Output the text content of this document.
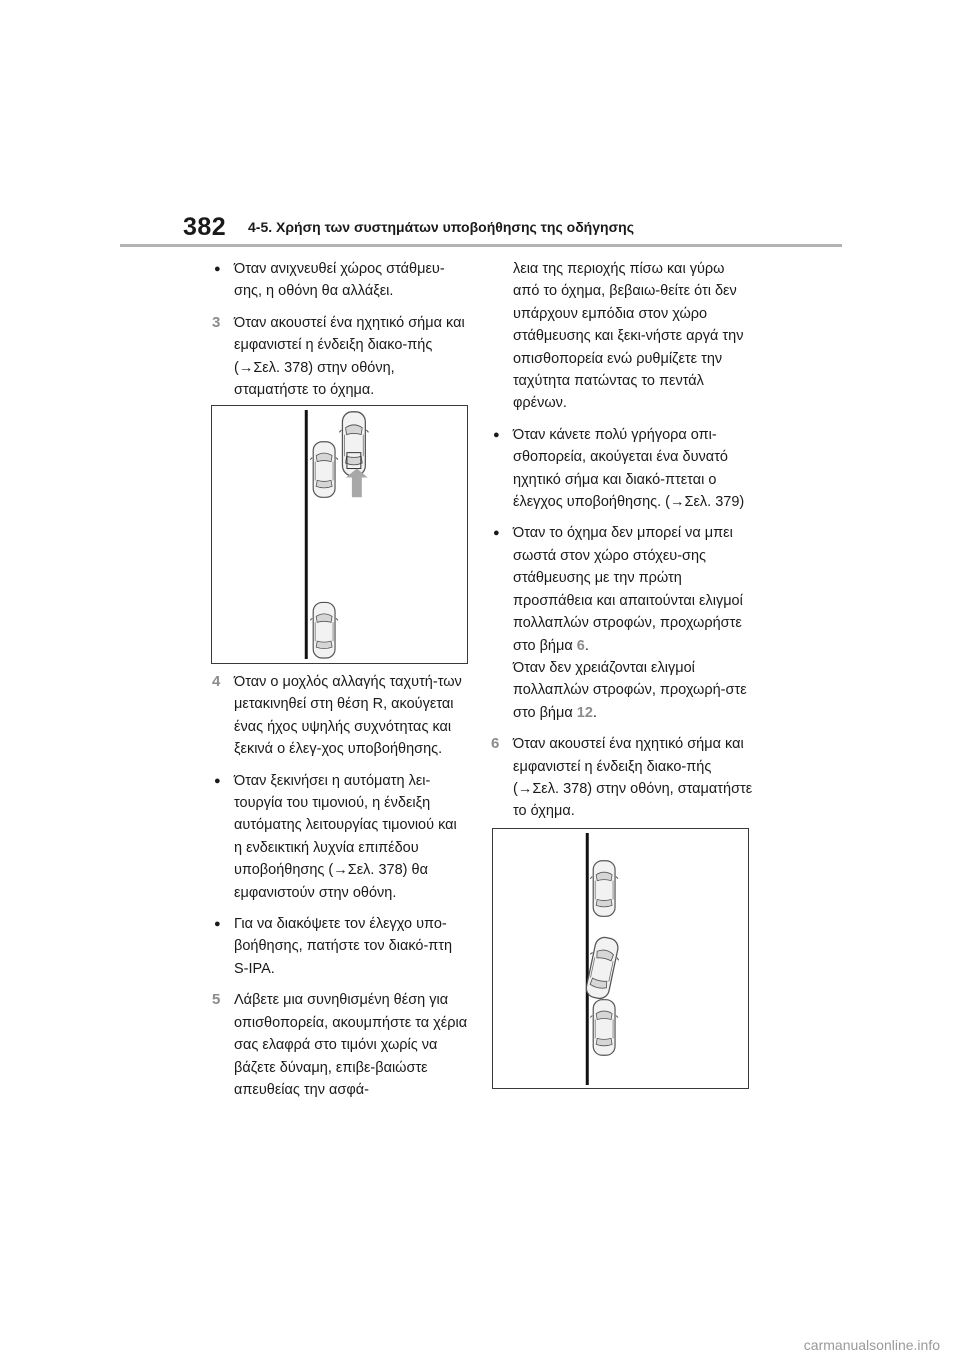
382 4-5. Χρήση των συστημάτων υποβοήθησης της οδήγησης

● Όταν ανιχνευθεί χώρος στάθμευ-σης, η οθόνη θα αλλάξει.

3 Όταν ακουστεί ένα ηχητικό σήμα και εμφανιστεί η ένδειξη διακο-πής (→Σελ. 378) στην οθόνη, σταματήστε το όχημα.

4 Όταν ο μοχλός αλλαγής ταχυτή-των μετακινηθεί στη θέση R, ακούγεται ένας ήχος υψηλής συχνότητας και ξεκινά ο έλεγ-χος υποβοήθησης.

● Όταν ξεκινήσει η αυτόματη λει-τουργία του τιμονιού, η ένδειξη αυτόματης λειτουργίας τιμονιού και η ενδεικτική λυχνία επιπέδου υποβοήθησης (→Σελ. 378) θα εμφανιστούν στην οθόνη.

● Για να διακόψετε τον έλεγχο υπο-βοήθησης, πατήστε τον διακό-πτη S-IPA.

5 Λάβετε μια συνηθισμένη θέση για οπισθοπορεία, ακουμπήστε τα χέρια σας ελαφρά στο τιμόνι χωρίς να βάζετε δύναμη, επιβε-βαιώστε απευθείας την ασφά-

λεια της περιοχής πίσω και γύρω από το όχημα, βεβαιω-θείτε ότι δεν υπάρχουν εμπόδια στον χώρο στάθμευσης και ξεκι-νήστε αργά την οπισθοπορεία ενώ ρυθμίζετε την ταχύτητα πατώντας το πεντάλ φρένων.

● Όταν κάνετε πολύ γρήγορα οπι-σθοπορεία, ακούγεται ένα δυνατό ηχητικό σήμα και διακό-πτεται ο έλεγχος υποβοήθησης. (→Σελ. 379)

● Όταν το όχημα δεν μπορεί να μπει σωστά στον χώρο στόχευ-σης στάθμευσης με την πρώτη προσπάθεια και απαιτούνται ελιγμοί πολλαπλών στροφών, προχωρήστε στο βήμα 6.
Όταν δεν χρειάζονται ελιγμοί πολλαπλών στροφών, προχωρή-στε στο βήμα 12.

6 Όταν ακουστεί ένα ηχητικό σήμα και εμφανιστεί η ένδειξη διακο-πής (→Σελ. 378) στην οθόνη, σταματήστε το όχημα.

carmanualsonline.info
